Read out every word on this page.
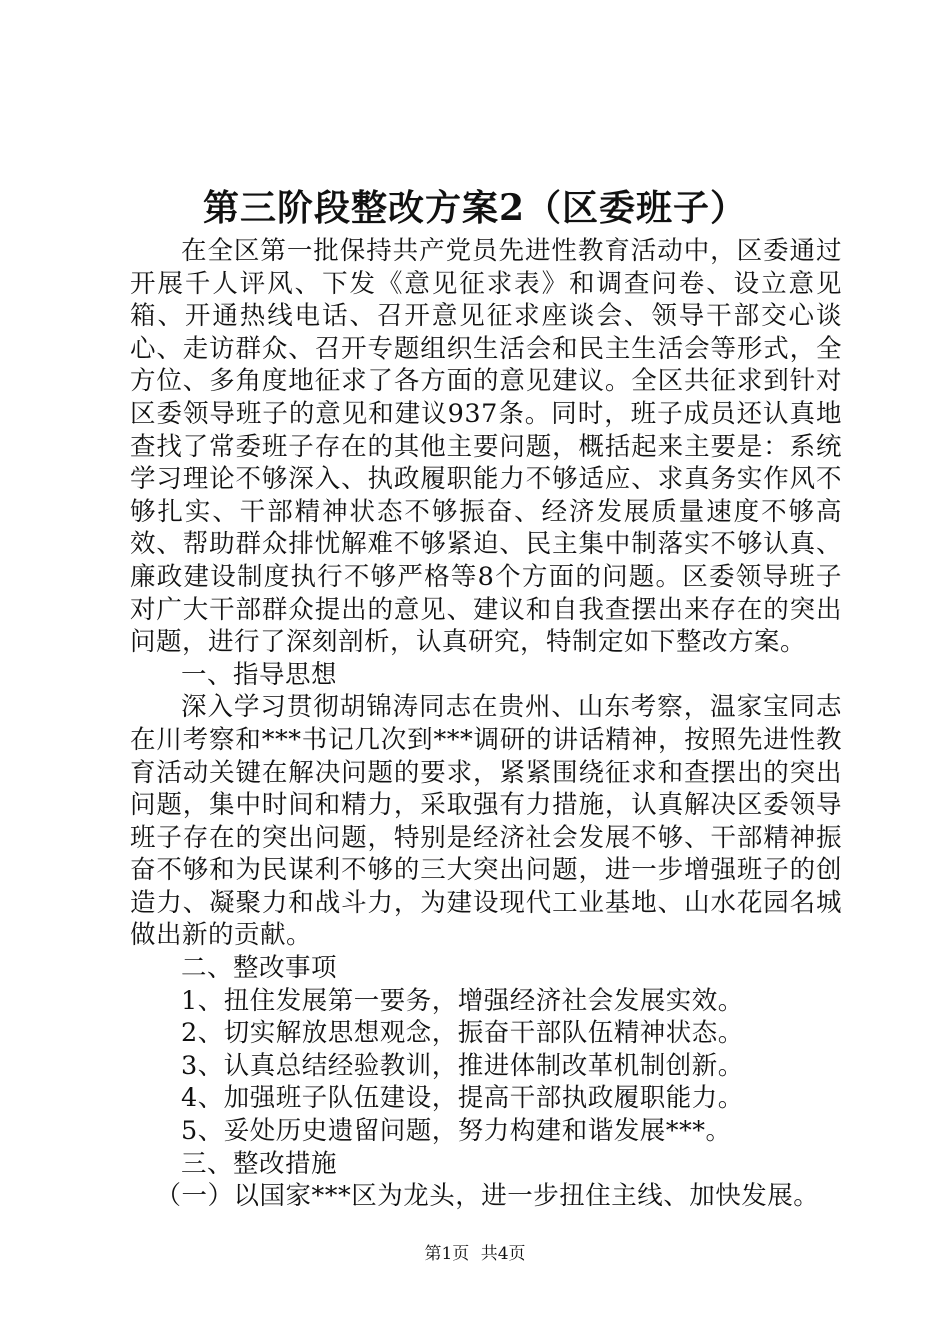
第三阶段整改方案2（区委班子）

在全区第一批保持共产党员先进性教育活动中，区委通过开展千人评风、下发《意见征求表》和调查问卷、设立意见箱、开通热线电话、召开意见征求座谈会、领导干部交心谈心、走访群众、召开专题组织生活会和民主生活会等形式，全方位、多角度地征求了各方面的意见建议。全区共征求到针对区委领导班子的意见和建议937条。同时，班子成员还认真地查找了常委班子存在的其他主要问题，概括起来主要是：系统学习理论不够深入、执政履职能力不够适应、求真务实作风不够扎实、干部精神状态不够振奋、经济发展质量速度不够高效、帮助群众排忧解难不够紧迫、民主集中制落实不够认真、廉政建设制度执行不够严格等8个方面的问题。区委领导班子对广大干部群众提出的意见、建议和自我查摆出来存在的突出问题，进行了深刻剖析，认真研究，特制定如下整改方案。

一、指导思想

深入学习贯彻胡锦涛同志在贵州、山东考察，温家宝同志在川考察和***书记几次到***调研的讲话精神，按照先进性教育活动关键在解决问题的要求，紧紧围绕征求和查摆出的突出问题，集中时间和精力，采取强有力措施，认真解决区委领导班子存在的突出问题，特别是经济社会发展不够、干部精神振奋不够和为民谋利不够的三大突出问题，进一步增强班子的创造力、凝聚力和战斗力，为建设现代工业基地、山水花园名城做出新的贡献。

二、整改事项

1、扭住发展第一要务，增强经济社会发展实效。

2、切实解放思想观念，振奋干部队伍精神状态。

3、认真总结经验教训，推进体制改革机制创新。

4、加强班子队伍建设，提高干部执政履职能力。

5、妥处历史遗留问题，努力构建和谐发展***。

三、整改措施

（一）以国家***区为龙头，进一步扭住主线、加快发展。

第1页 共4页
